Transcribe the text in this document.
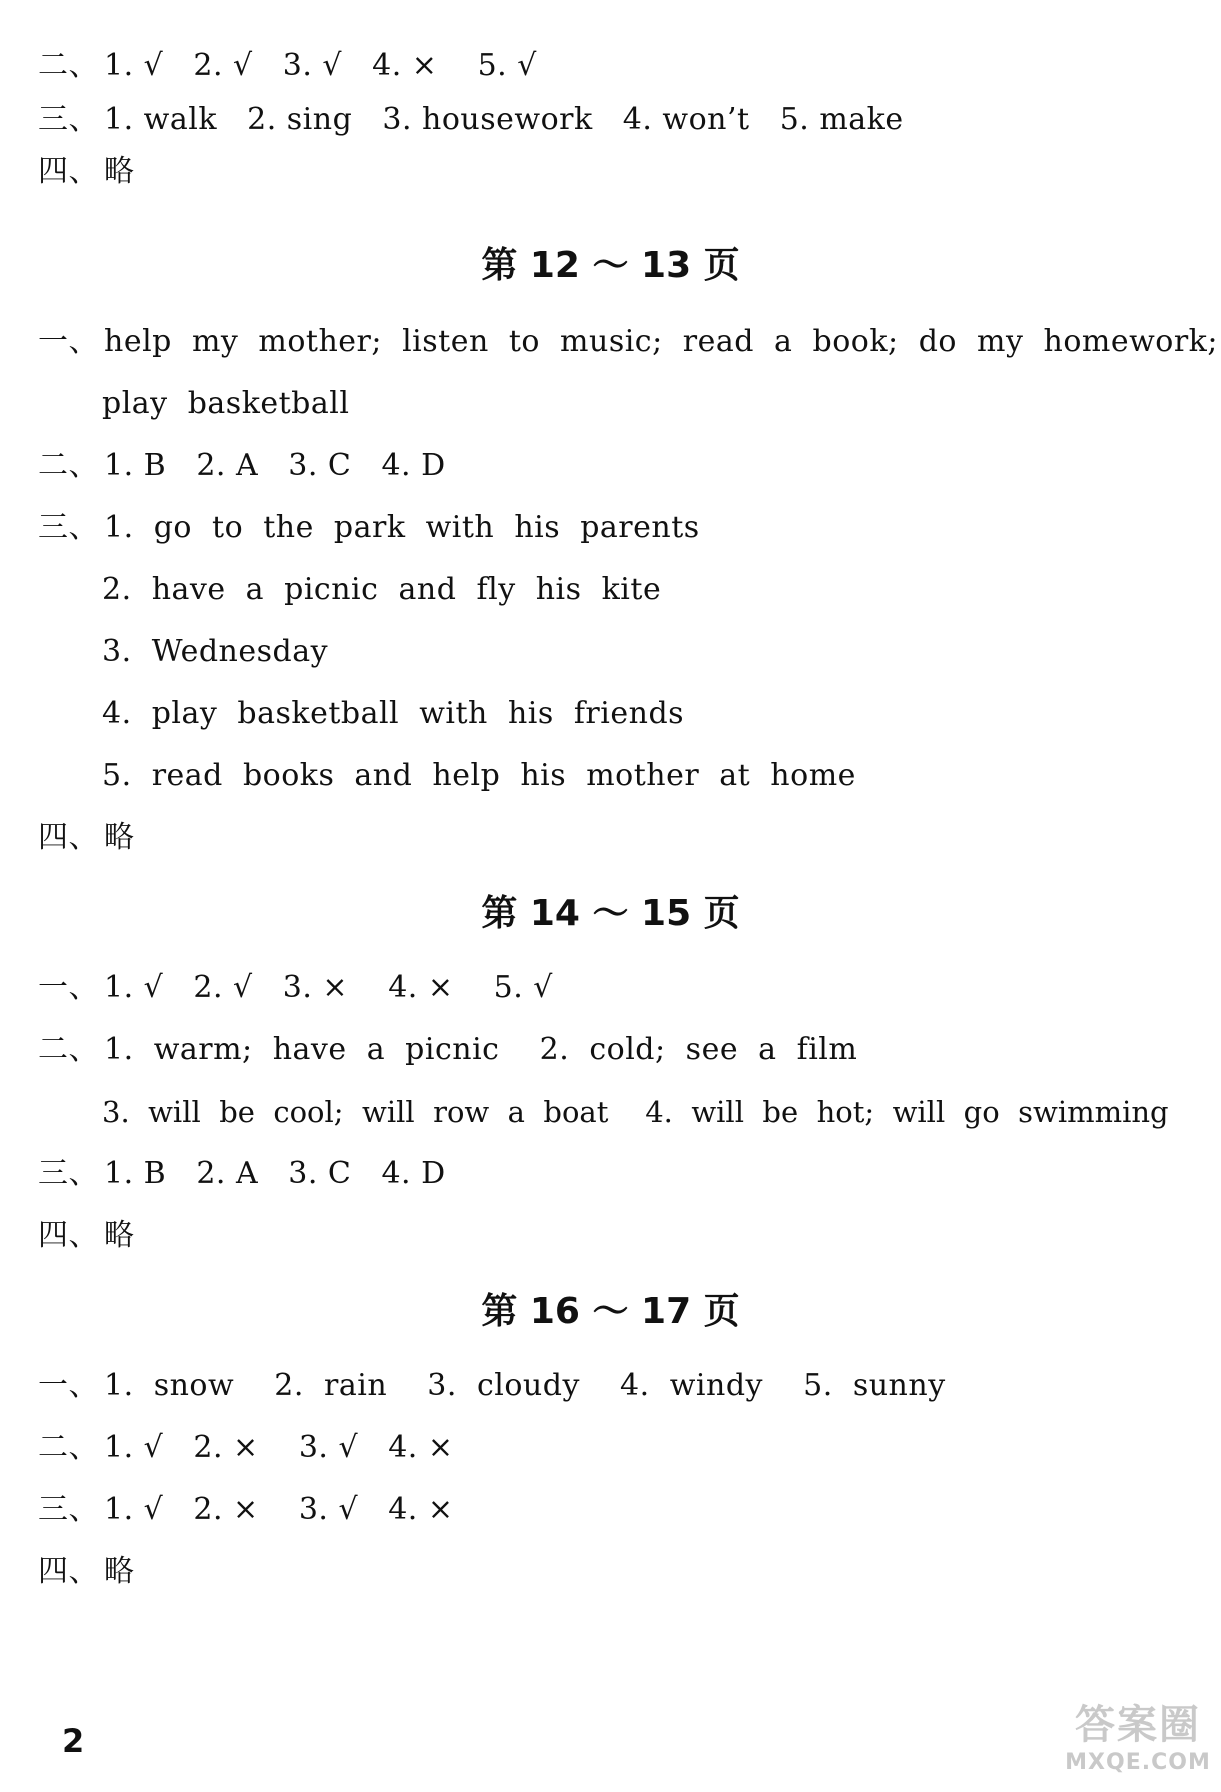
二、 1. √   2. √   3. √   4. ×    5. √
三、 1. walk   2. sing   3. housework   4. won’t   5. make
四、 略
第 12 ～ 13 页
一、 help  my  mother;  listen  to  music;  read  a  book;  do  my  homework;
play  basketball
二、 1. B   2. A   3. C   4. D
三、 1.  go  to  the  park  with  his  parents
2.  have  a  picnic  and  fly  his  kite
3.  Wednesday
4.  play  basketball  with  his  friends
5.  read  books  and  help  his  mother  at  home
四、 略
第 14 ～ 15 页
一、 1. √   2. √   3. ×    4. ×    5. √
二、 1.  warm;  have  a  picnic    2.  cold;  see  a  film
3.  will  be  cool;  will  row  a  boat    4.  will  be  hot;  will  go  swimming
三、 1. B   2. A   3. C   4. D
四、 略
第 16 ～ 17 页
一、 1.  snow    2.  rain    3.  cloudy    4.  windy    5.  sunny
二、 1. √   2. ×    3. √   4. ×
三、 1. √   2. ×    3. √   4. ×
四、 略
2	答案圈
MXQE.COM
